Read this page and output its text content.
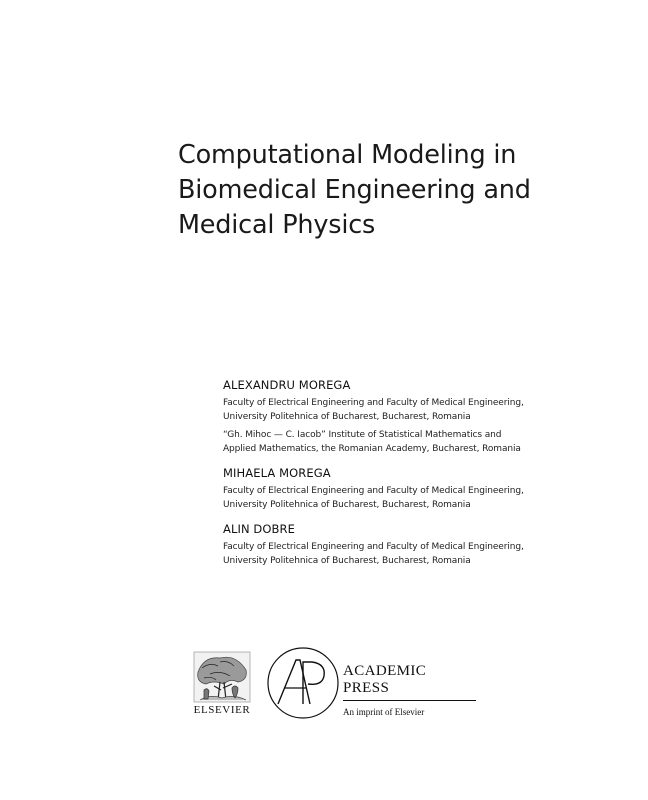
Computational Modeling in
Biomedical Engineering and
Medical Physics
ALEXANDRU MOREGA
Faculty of Electrical Engineering and Faculty of Medical Engineering,
University Politehnica of Bucharest, Bucharest, Romania
“Gh. Mihoc — C. Iacob” Institute of Statistical Mathematics and
Applied Mathematics, the Romanian Academy, Bucharest, Romania
MIHAELA MOREGA
Faculty of Electrical Engineering and Faculty of Medical Engineering,
University Politehnica of Bucharest, Bucharest, Romania
ALIN DOBRE
Faculty of Electrical Engineering and Faculty of Medical Engineering,
University Politehnica of Bucharest, Bucharest, Romania
ELSEVIER
ACADEMIC PRESS
An imprint of Elsevier
